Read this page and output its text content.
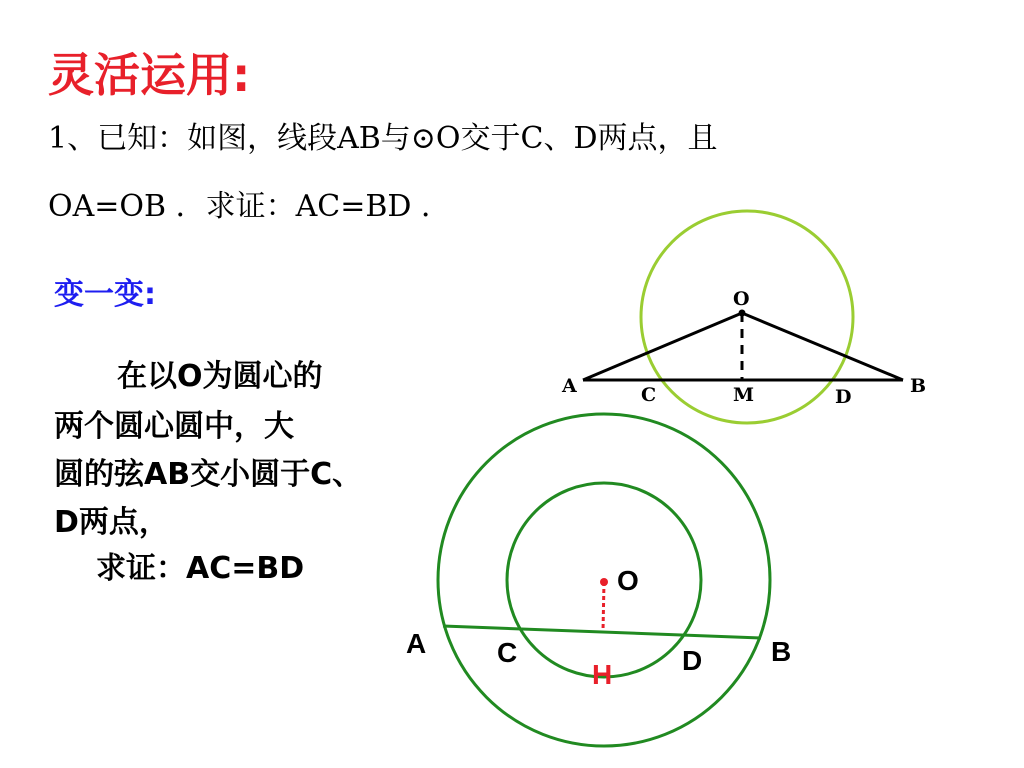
灵活运用:
1、已知：如图，线段AB与⊙O交于C、D两点，且
OA=OB ．求证：AC=BD ．
变一变:
在以O为圆心的
两个圆心圆中，大
圆的弦AB交小圆于C、
D两点，
求证：AC=BD
O
A	B
C	M	D
O
A	B
C	D
H
